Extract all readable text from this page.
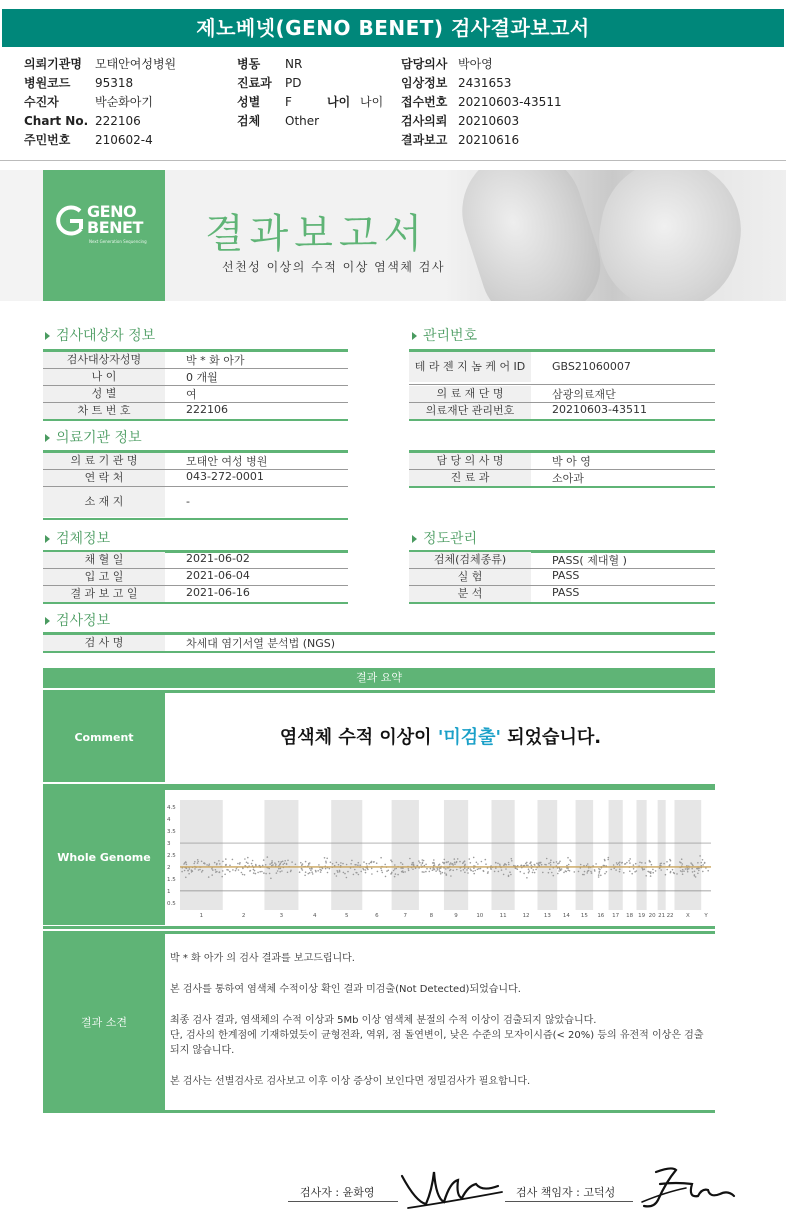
제노베넷(GENO BENET) 검사결과보고서
의뢰기관명 모태안여성병원
병원코드 95318
수진자	박순화아기
Chart No. 222106
주민번호 210602-4
병동 NR
진료과 PD
성별 F	나이 나이
검체 Other
담당의사 박아영
임상정보 2431653
접수번호 20210603-43511
검사의뢰 20210603
결과보고 20210616
GENO
BENET
Next Generation Sequencing 결과보고서
선천성 이상의 수적 이상 염색체 검사
검사대상자 정보
검사대상자성명	박 * 화 아가
나 이	0 개월
성 별	여
차 트 번 호	222106
관리번호
테 라 젠 지 놈 케 어 ID	GBS21060007
의 료 재 단 명	삼광의료재단
의료재단 관리번호	20210603-43511
의료기관 정보
의 료 기 관 명	모태안 여성 병원
연 락 처	043-272-0001
소 재 지	-
담 당 의 사 명	박 아 영
진 료 과	소아과
검체정보
채 혈 일	2021-06-02
입 고 일	2021-06-04
결 과 보 고 일	2021-06-16
정도관리
검체(검체종류)	PASS( 제대혈 )
실 험	PASS
분 석	PASS
검사정보
검 사 명	차세대 염기서열 분석법 (NGS)
결과 요약
Comment	염색체 수적 이상이 '미검출' 되었습니다.
Whole Genome
4.5
4
3.5
3
2.5
2
1.5
1
0.5
1	2	3	4	5	6	7	8	9	10	11	12	13 14 15 16 17 18 19 20 21 22 X	Y
결과 소견

박 * 화 아가 의 검사 결과를 보고드립니다.

본 검사를 통하여 염색체 수적이상 확인 결과 미검출(Not Detected)되었습니다.

최종 검사 결과, 염색체의 수적 이상과 5Mb 이상 염색체 분절의 수적 이상이 검출되지 않았습니다.

단, 검사의 한계점에 기재하였듯이 균형전좌, 역위, 점 돌연변이, 낮은 수준의 모자이시즘(< 20%) 등의 유전적 이상은 검출되지 않습니다.

본 검사는 선별검사로 검사보고 이후 이상 증상이 보인다면 정밀검사가 필요합니다.

검사자 : 윤화영	검사 책임자 : 고덕성
